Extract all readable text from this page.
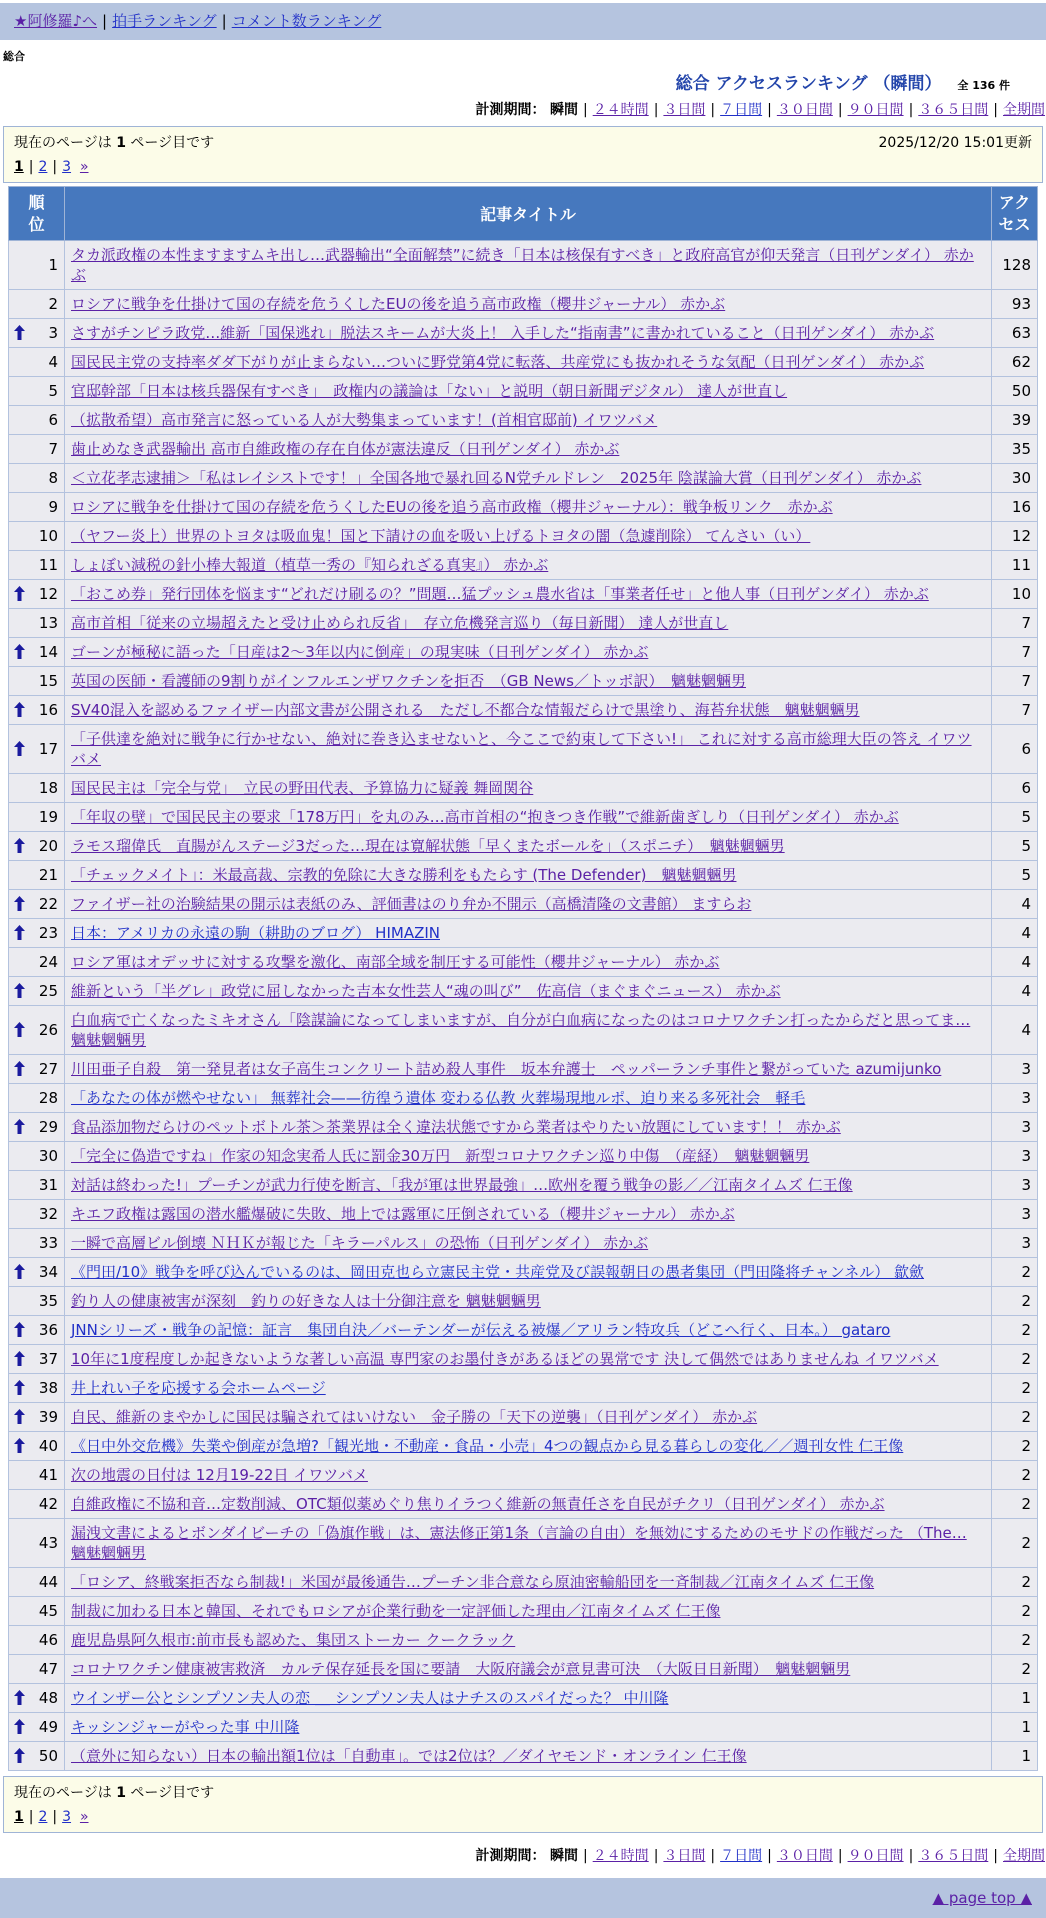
★阿修羅♪へ | 拍手ランキング | コメント数ランキング
総合
総合 アクセスランキング （瞬間） 全 136 件
計測期間： 瞬間 | ２４時間 | ３日間 | ７日間 | ３０日間 | ９０日間 | ３６５日間 | 全期間
現在のページは 1 ページ目です	2025/12/20 15:01更新
1 | 2 | 3 »
順位	記事タイトル	アクセス
1	タカ派政権の本性ますますムキ出し…武器輸出“全面解禁”に続き「日本は核保有すべき」と政府高官が仰天発言（日刊ゲンダイ） 赤かぶ	128
2	ロシアに戦争を仕掛けて国の存続を危うくしたEUの後を追う高市政権（櫻井ジャーナル） 赤かぶ	93

3	さすがチンピラ政党…維新「国保逃れ」脱法スキームが大炎上！ 入手した“指南書”に書かれていること（日刊ゲンダイ） 赤かぶ	63
4	国民民主党の支持率ダダ下がりが止まらない…ついに野党第4党に転落、共産党にも抜かれそうな気配（日刊ゲンダイ） 赤かぶ	62
5	官邸幹部「日本は核兵器保有すべき」　政権内の議論は「ない」と説明（朝日新聞デジタル） 達人が世直し	50
6	（拡散希望）高市発言に怒っている人が大勢集まっています！(首相官邸前) イワツバメ	39
7	歯止めなき武器輸出 高市自維政権の存在自体が憲法違反（日刊ゲンダイ） 赤かぶ	35
8	＜立花孝志逮捕＞「私はレイシストです！」全国各地で暴れ回るN党チルドレン　2025年 陰謀論大賞（日刊ゲンダイ） 赤かぶ	30
9	ロシアに戦争を仕掛けて国の存続を危うくしたEUの後を追う高市政権（櫻井ジャーナル）：戦争板リンク　赤かぶ	16
10	（ヤフー炎上）世界のトヨタは吸血鬼！国と下請けの血を吸い上げるトヨタの闇（急遽削除） てんさい（い）	12
11	しょぼい減税の針小棒大報道（植草一秀の『知られざる真実』） 赤かぶ	11

12	「おこめ券」発行団体を悩ます“どれだけ刷るの？”問題…猛プッシュ農水省は「事業者任せ」と他人事（日刊ゲンダイ） 赤かぶ	10
13	高市首相「従来の立場超えたと受け止められ反省」　存立危機発言巡り（毎日新聞） 達人が世直し	7

14	ゴーンが極秘に語った「日産は2〜3年以内に倒産」の現実味（日刊ゲンダイ） 赤かぶ	7
15	英国の医師・看護師の9割りがインフルエンザワクチンを拒否　（GB News／トッポ訳）　魑魅魍魎男	7

16	SV40混入を認めるファイザー内部文書が公開される　ただし不都合な情報だらけで黒塗り、海苔弁状態　魑魅魍魎男	7

17	「子供達を絶対に戦争に行かせない、絶対に巻き込ませないと、今ここで約束して下さい!」 これに対する高市総理大臣の答え イワツバメ	6
18	国民民主は「完全与党」　立民の野田代表、予算協力に疑義 舞岡関谷	6
19	「年収の壁」で国民民主の要求「178万円」を丸のみ…高市首相の“抱きつき作戦”で維新歯ぎしり（日刊ゲンダイ） 赤かぶ	5

20	ラモス瑠偉氏　直腸がんステージ3だった…現在は寛解状態「早くまたボールを」（スポニチ）　魑魅魍魎男	5
21	「チェックメイト」：米最高裁、宗教的免除に大きな勝利をもたらす (The Defender)　魑魅魍魎男	5

22	ファイザー社の治験結果の開示は表紙のみ、評価書はのり弁か不開示（高橋清隆の文書館） ますらお	4

23	日本：アメリカの永遠の駒（耕助のブログ） HIMAZIN	4
24	ロシア軍はオデッサに対する攻撃を激化、南部全域を制圧する可能性（櫻井ジャーナル） 赤かぶ	4

25	維新という「半グレ」政党に屈しなかった吉本女性芸人“魂の叫び”　佐高信（まぐまぐニュース） 赤かぶ	4

26	白血病で亡くなったミキオさん「陰謀論になってしまいますが、自分が白血病になったのはコロナワクチン打ったからだと思ってま… 魑魅魍魎男	4

27	川田亜子自殺　第一発見者は女子高生コンクリート詰め殺人事件　坂本弁護士　ペッパーランチ事件と繋がっていた azumijunko	3
28	「あなたの体が燃やせない」 無葬社会——彷徨う遺体 変わる仏教 火葬場現地ルポ、迫り来る多死社会　軽毛	3

29	食品添加物だらけのペットボトル茶＞茶業界は全く違法状態ですから業者はやりたい放題にしています！！ 赤かぶ	3
30	「完全に偽造ですね」作家の知念実希人氏に罰金30万円　新型コロナワクチン巡り中傷　（産経）　魑魅魍魎男	3
31	対話は終わった!」プーチンが武力行使を断言、「我が軍は世界最強」…欧州を覆う戦争の影／／江南タイムズ 仁王像	3
32	キエフ政権は露国の潜水艦爆破に失敗、地上では露軍に圧倒されている（櫻井ジャーナル） 赤かぶ	3
33	一瞬で高層ビル倒壊 ＮＨＫが報じた「キラーパルス」の恐怖（日刊ゲンダイ） 赤かぶ	3

34	《門田/10》戦争を呼び込んでいるのは、岡田克也ら立憲民主党・共産党及び誤報朝日の愚者集団（門田隆将チャンネル） 歙歛	2
35	釣り人の健康被害が深刻　釣りの好きな人は十分御注意を 魑魅魍魎男	2

36	JNNシリーズ・戦争の記憶：証言　集団自決／バーテンダーが伝える被爆／アリラン特攻兵（どこへ行く、日本。） gataro	2

37	10年に1度程度しか起きないような著しい高温 専門家のお墨付きがあるほどの異常です 決して偶然ではありませんね イワツバメ	2

38	井上れい子を応援する会ホームページ	2

39	自民、維新のまやかしに国民は騙されてはいけない　金子勝の「天下の逆襲」（日刊ゲンダイ） 赤かぶ	2

40	《日中外交危機》失業や倒産が急増?「観光地・不動産・食品・小売」4つの観点から見る暮らしの変化／／週刊女性 仁王像	2
41	次の地震の日付は 12月19-22日 イワツバメ	2
42	自維政権に不協和音…定数削減、OTC類似薬めぐり焦りイラつく維新の無責任さを自民がチクリ（日刊ゲンダイ） 赤かぶ	2
43	漏洩文書によるとボンダイビーチの「偽旗作戦」は、憲法修正第1条（言論の自由）を無効にするためのモサドの作戦だった （The… 魑魅魍魎男	2
44	「ロシア、終戦案拒否なら制裁!」米国が最後通告…プーチン非合意なら原油密輸船団を一斉制裁／江南タイムズ 仁王像	2
45	制裁に加わる日本と韓国、それでもロシアが企業行動を一定評価した理由／江南タイムズ 仁王像	2
46	鹿児島県阿久根市:前市長も認めた、集団ストーカー クークラック	2
47	コロナワクチン健康被害救済　カルテ保存延長を国に要請　大阪府議会が意見書可決　（大阪日日新聞）　魑魅魍魎男	2

48	ウインザー公とシンプソン夫人の恋 ＿ シンプソン夫人はナチスのスパイだった？ 中川隆	1

49	キッシンジャーがやった事 中川隆	1

50	（意外に知らない）日本の輸出額1位は「自動車」。では2位は？／ダイヤモンド・オンライン 仁王像	1
現在のページは 1 ページ目です
1 | 2 | 3 »
計測期間： 瞬間 | ２４時間 | ３日間 | ７日間 | ３０日間 | ９０日間 | ３６５日間 | 全期間
▲ page top ▲
